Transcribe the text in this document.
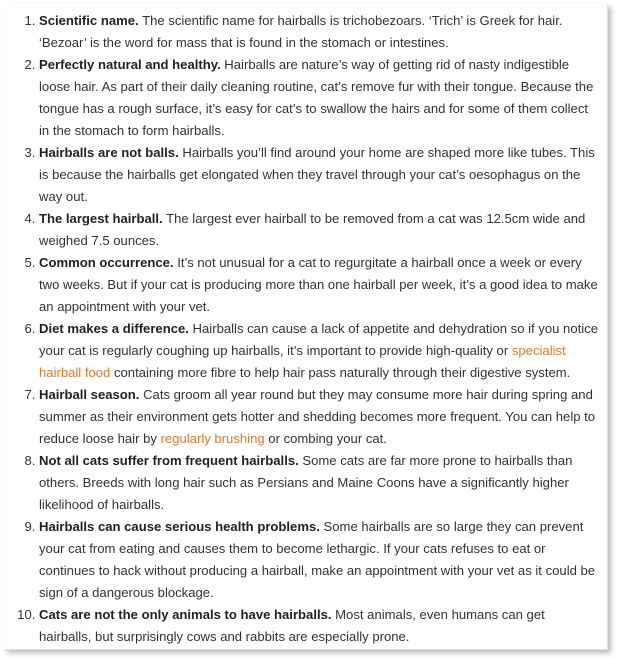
1. Scientific name. The scientific name for hairballs is trichobezoars. ‘Trich’ is Greek for hair. ‘Bezoar’ is the word for mass that is found in the stomach or intestines.
2. Perfectly natural and healthy. Hairballs are nature’s way of getting rid of nasty indigestible loose hair. As part of their daily cleaning routine, cat’s remove fur with their tongue. Because the tongue has a rough surface, it’s easy for cat’s to swallow the hairs and for some of them collect in the stomach to form hairballs.
3. Hairballs are not balls. Hairballs you’ll find around your home are shaped more like tubes. This is because the hairballs get elongated when they travel through your cat’s oesophagus on the way out.
4. The largest hairball. The largest ever hairball to be removed from a cat was 12.5cm wide and weighed 7.5 ounces.
5. Common occurrence. It’s not unusual for a cat to regurgitate a hairball once a week or every two weeks. But if your cat is producing more than one hairball per week, it’s a good idea to make an appointment with your vet.
6. Diet makes a difference. Hairballs can cause a lack of appetite and dehydration so if you notice your cat is regularly coughing up hairballs, it’s important to provide high-quality or specialist hairball food containing more fibre to help hair pass naturally through their digestive system.
7. Hairball season. Cats groom all year round but they may consume more hair during spring and summer as their environment gets hotter and shedding becomes more frequent. You can help to reduce loose hair by regularly brushing or combing your cat.
8. Not all cats suffer from frequent hairballs. Some cats are far more prone to hairballs than others. Breeds with long hair such as Persians and Maine Coons have a significantly higher likelihood of hairballs.
9. Hairballs can cause serious health problems. Some hairballs are so large they can prevent your cat from eating and causes them to become lethargic. If your cats refuses to eat or continues to hack without producing a hairball, make an appointment with your vet as it could be sign of a dangerous blockage.
10. Cats are not the only animals to have hairballs. Most animals, even humans can get hairballs, but surprisingly cows and rabbits are especially prone.
